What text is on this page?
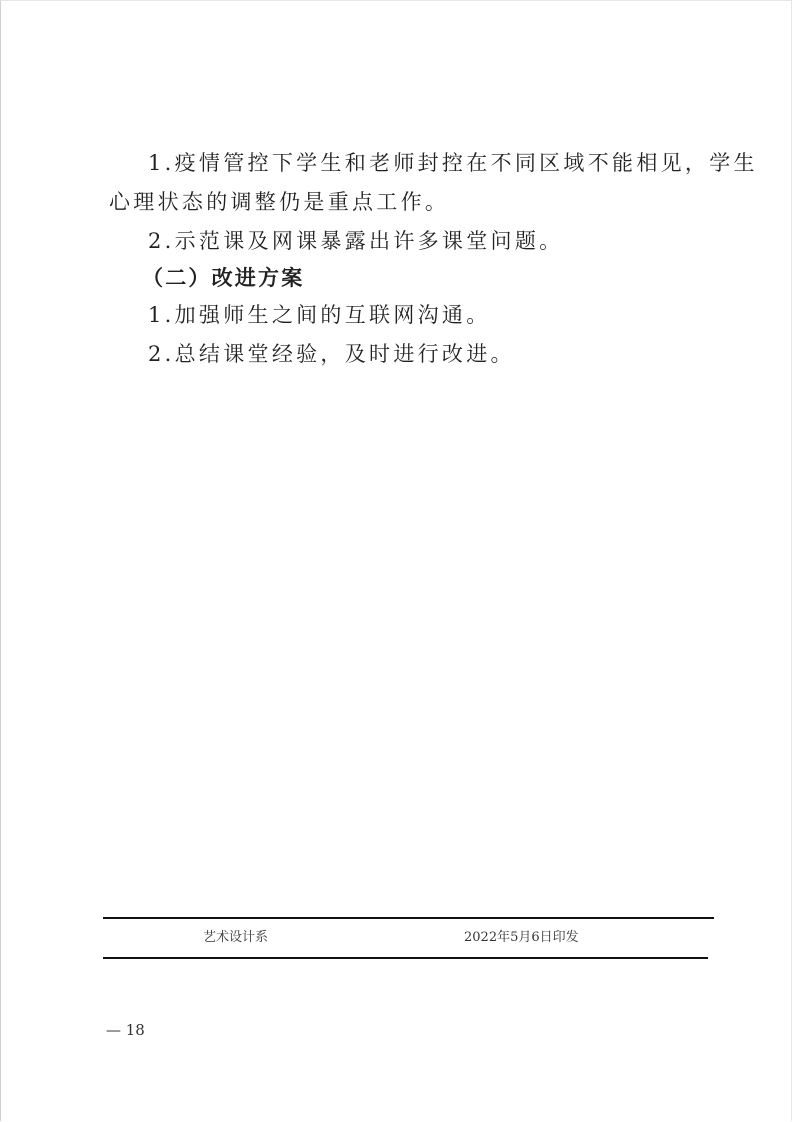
1.疫情管控下学生和老师封控在不同区域不能相见，学生
心理状态的调整仍是重点工作。
2.示范课及网课暴露出许多课堂问题。
（二）改进方案
1.加强师生之间的互联网沟通。
2.总结课堂经验，及时进行改进。
艺术设计系	2022年5月6日印发
— 18
